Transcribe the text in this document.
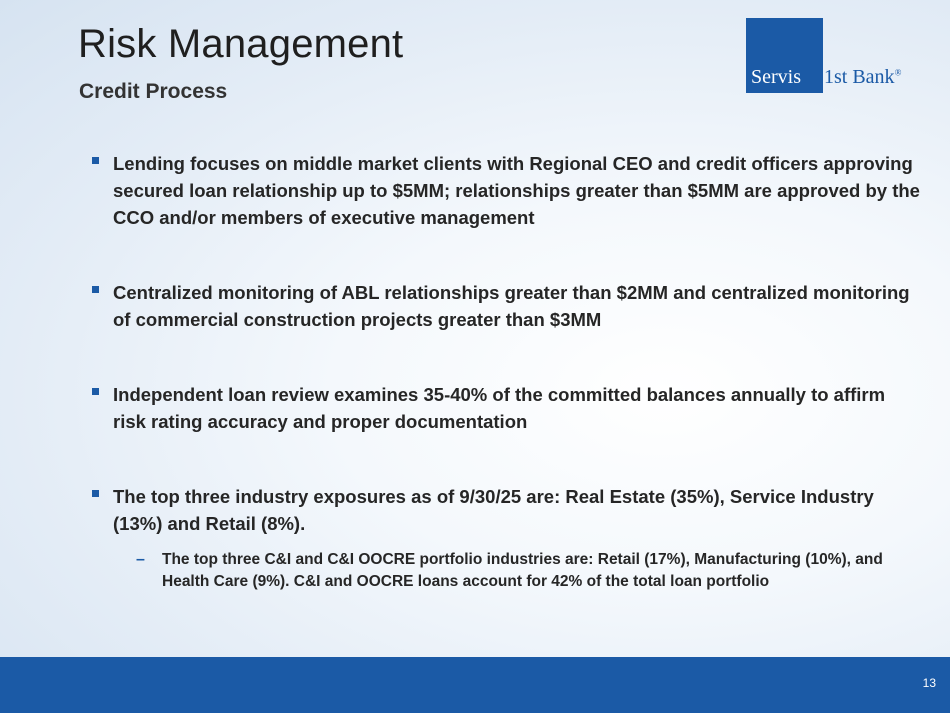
Risk Management
Credit Process
Servis 1st Bank®
Lending focuses on middle market clients with Regional CEO and credit officers approving secured loan relationship up to $5MM; relationships greater than $5MM are approved by the CCO and/or members of executive management
Centralized monitoring of ABL relationships greater than $2MM and centralized monitoring of commercial construction projects greater than $3MM
Independent loan review examines 35-40% of the committed balances annually to affirm risk rating accuracy and proper documentation
The top three industry exposures as of 9/30/25 are: Real Estate (35%), Service Industry (13%) and Retail (8%).
–	The top three C&I and C&I OOCRE portfolio industries are: Retail (17%), Manufacturing (10%), and Health Care (9%). C&I and OOCRE loans account for 42% of the total loan portfolio
13
